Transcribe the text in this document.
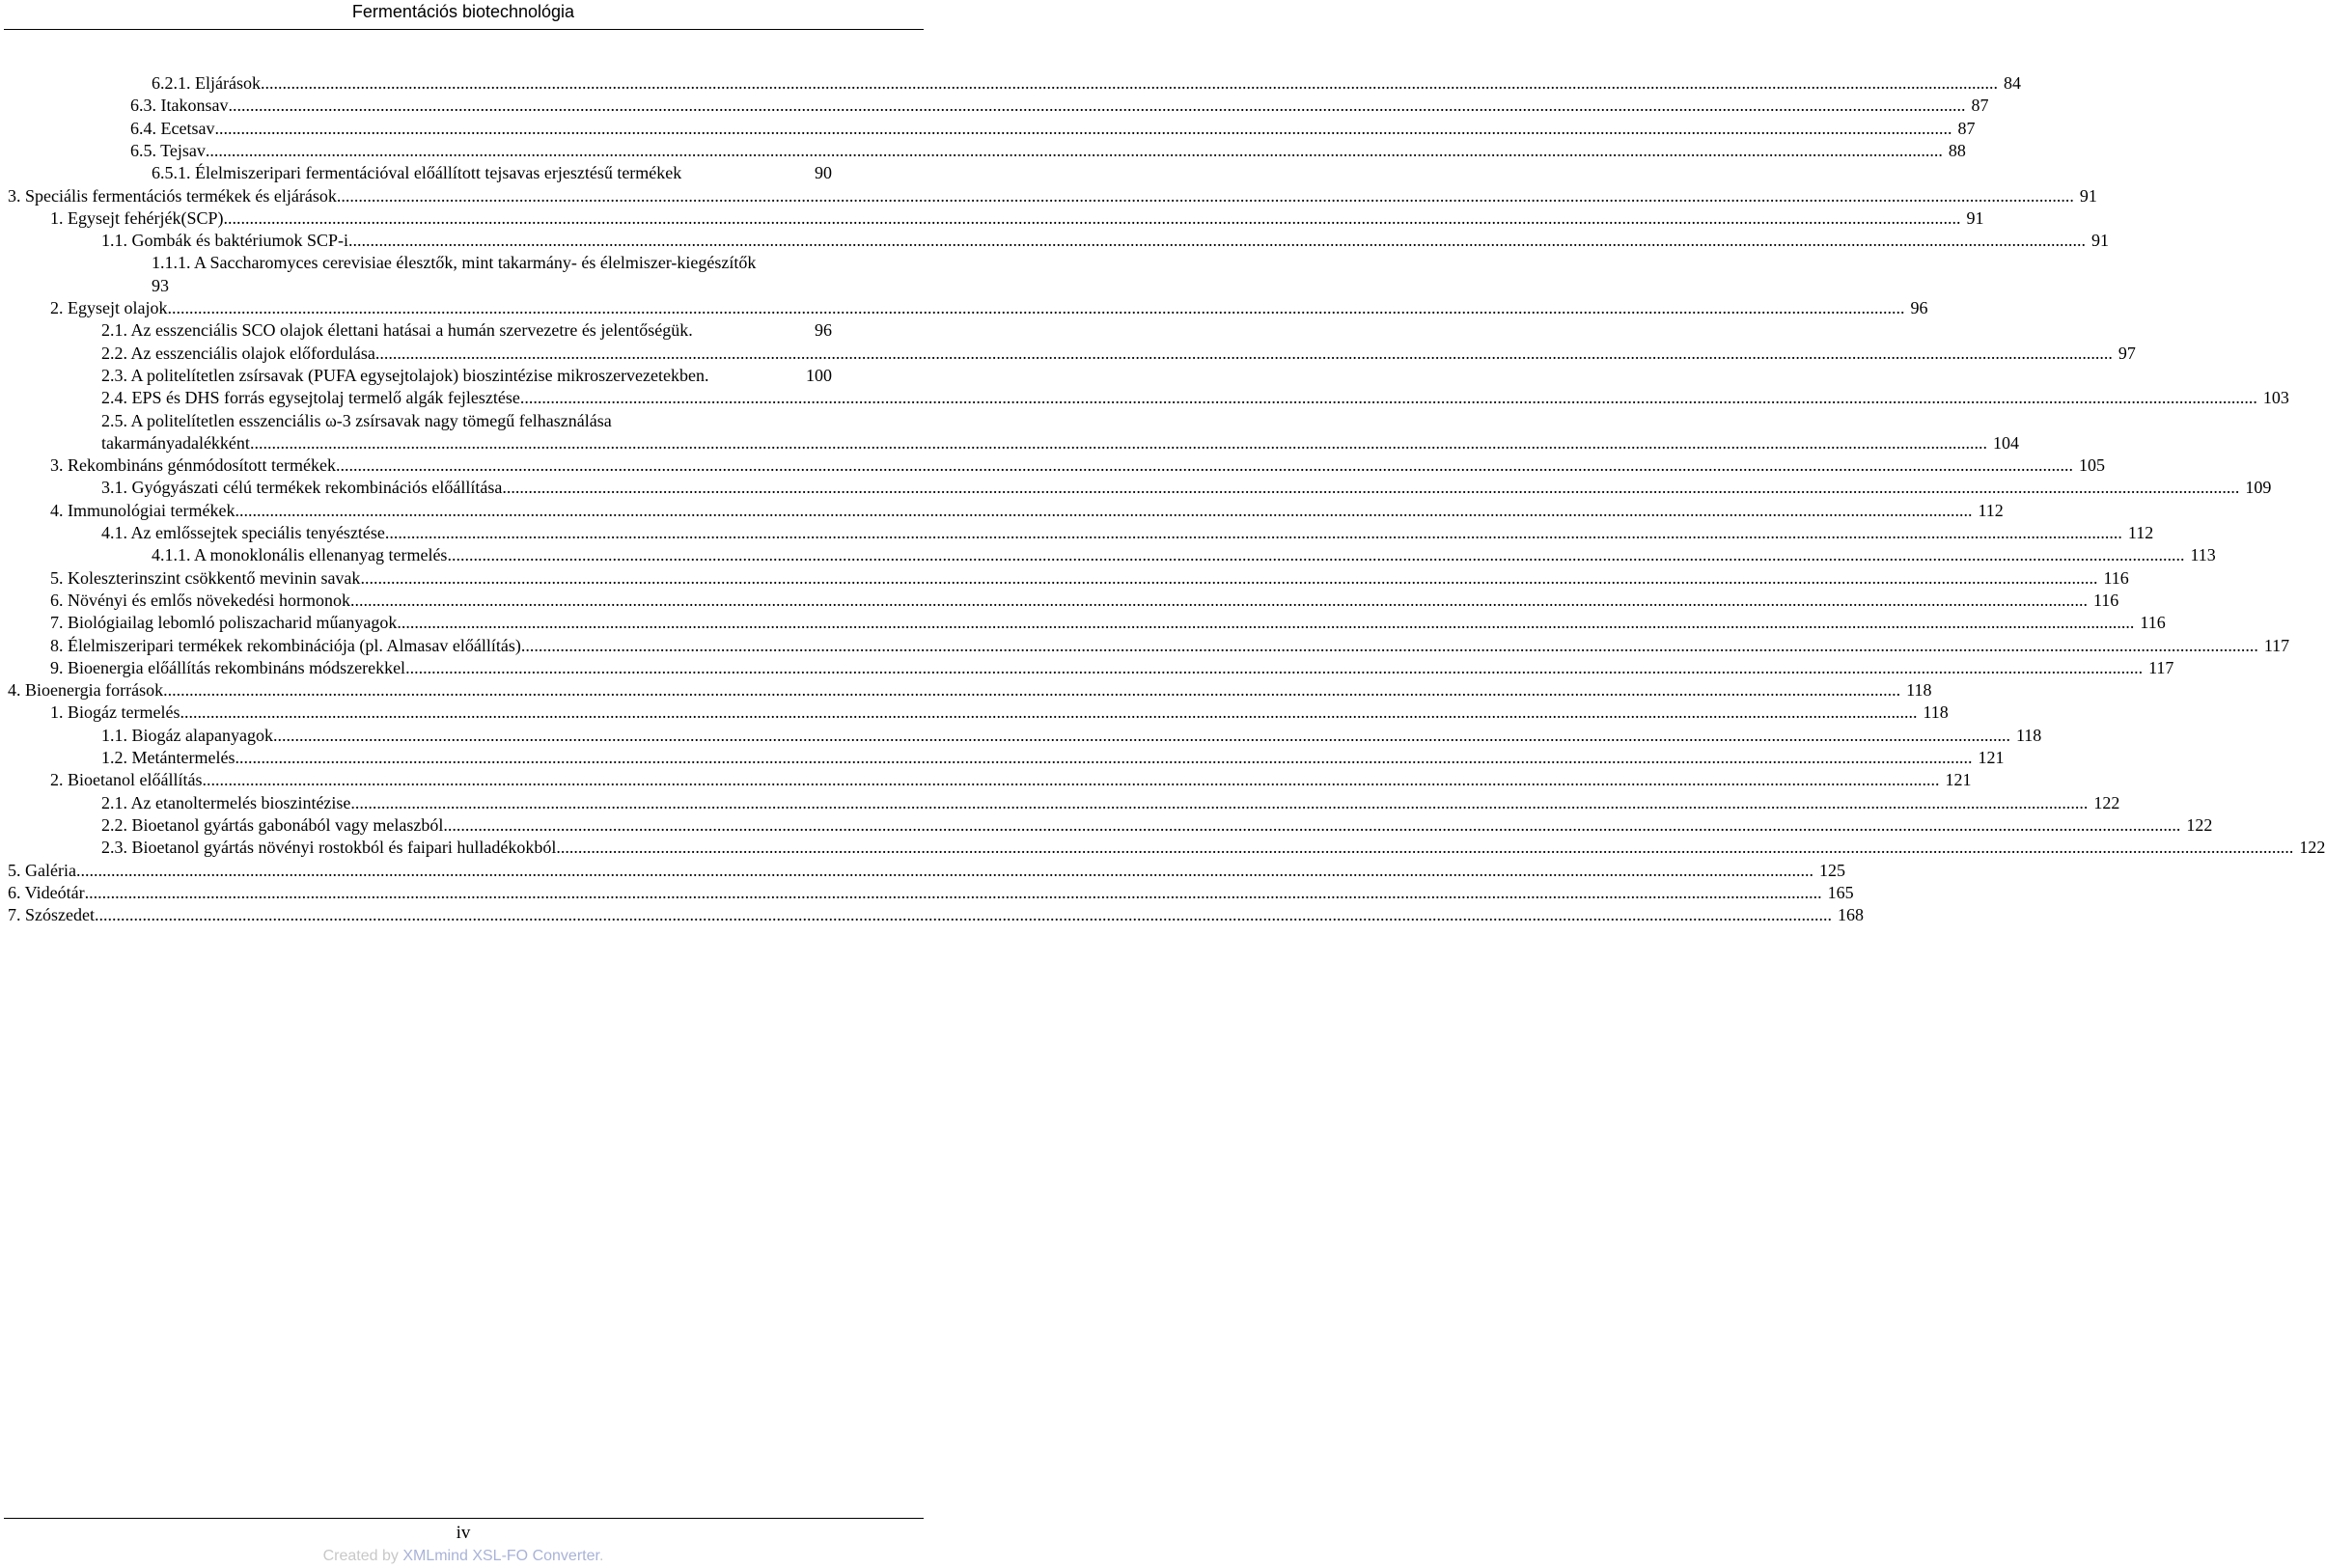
Fermentációs biotechnológia
6.2.1. Eljárások ................................................................................................................................................................................................................................................................................................................................................................................................................ 84
6.3. Itakonsav ................................................................................................................................................................................................................................................................................................................................................................................................................ 87
6.4. Ecetsav ................................................................................................................................................................................................................................................................................................................................................................................................................ 87
6.5. Tejsav ................................................................................................................................................................................................................................................................................................................................................................................................................ 88
6.5.1. Élelmiszeripari fermentációval előállított tejsavas erjesztésű termékek	90
3. Speciális fermentációs termékek és eljárások ................................................................................................................................................................................................................................................................................................................................................................................................................ 91
1. Egysejt fehérjék(SCP) ................................................................................................................................................................................................................................................................................................................................................................................................................ 91
1.1. Gombák és baktériumok SCP-i ................................................................................................................................................................................................................................................................................................................................................................................................................ 91
1.1.1. A Saccharomyces cerevisiae élesztők, mint takarmány- és élelmiszer-kiegészítők
93
2. Egysejt olajok ................................................................................................................................................................................................................................................................................................................................................................................................................ 96
2.1. Az esszenciális SCO olajok élettani hatásai a humán szervezetre és jelentőségük.	96
2.2. Az esszenciális olajok előfordulása ................................................................................................................................................................................................................................................................................................................................................................................................................ 97
2.3. A politelítetlen zsírsavak (PUFA egysejtolajok) bioszintézise mikroszervezetekben.	100
2.4. EPS és DHS forrás egysejtolaj termelő algák fejlesztése ................................................................................................................................................................................................................................................................................................................................................................................................................ 103
2.5. A politelítetlen esszenciális ω-3 zsírsavak nagy tömegű felhasználása
takarmányadalékként ................................................................................................................................................................................................................................................................................................................................................................................................................ 104
3. Rekombináns génmódosított termékek ................................................................................................................................................................................................................................................................................................................................................................................................................ 105
3.1. Gyógyászati célú termékek rekombinációs előállítása ................................................................................................................................................................................................................................................................................................................................................................................................................ 109
4. Immunológiai termékek ................................................................................................................................................................................................................................................................................................................................................................................................................ 112
4.1. Az emlőssejtek speciális tenyésztése ................................................................................................................................................................................................................................................................................................................................................................................................................ 112
4.1.1. A monoklonális ellenanyag termelés ................................................................................................................................................................................................................................................................................................................................................................................................................ 113
5. Koleszterinszint csökkentő mevinin savak ................................................................................................................................................................................................................................................................................................................................................................................................................ 116
6. Növényi és emlős növekedési hormonok ................................................................................................................................................................................................................................................................................................................................................................................................................ 116
7. Biológiailag lebomló poliszacharid műanyagok ................................................................................................................................................................................................................................................................................................................................................................................................................ 116
8. Élelmiszeripari termékek rekombinációja (pl. Almasav előállítás) ................................................................................................................................................................................................................................................................................................................................................................................................................ 117
9. Bioenergia előállítás rekombináns módszerekkel ................................................................................................................................................................................................................................................................................................................................................................................................................ 117
4. Bioenergia források ................................................................................................................................................................................................................................................................................................................................................................................................................ 118
1. Biogáz termelés ................................................................................................................................................................................................................................................................................................................................................................................................................ 118
1.1. Biogáz alapanyagok ................................................................................................................................................................................................................................................................................................................................................................................................................ 118
1.2. Metántermelés ................................................................................................................................................................................................................................................................................................................................................................................................................ 121
2. Bioetanol előállítás ................................................................................................................................................................................................................................................................................................................................................................................................................ 121
2.1. Az etanoltermelés bioszintézise ................................................................................................................................................................................................................................................................................................................................................................................................................ 122
2.2. Bioetanol gyártás gabonából vagy melaszból ................................................................................................................................................................................................................................................................................................................................................................................................................ 122
2.3. Bioetanol gyártás növényi rostokból és faipari hulladékokból ................................................................................................................................................................................................................................................................................................................................................................................................................ 122
5. Galéria ................................................................................................................................................................................................................................................................................................................................................................................................................ 125
6. Videótár ................................................................................................................................................................................................................................................................................................................................................................................................................ 165
7. Szószedet ................................................................................................................................................................................................................................................................................................................................................................................................................ 168
iv
Created by XMLmind XSL-FO Converter.
